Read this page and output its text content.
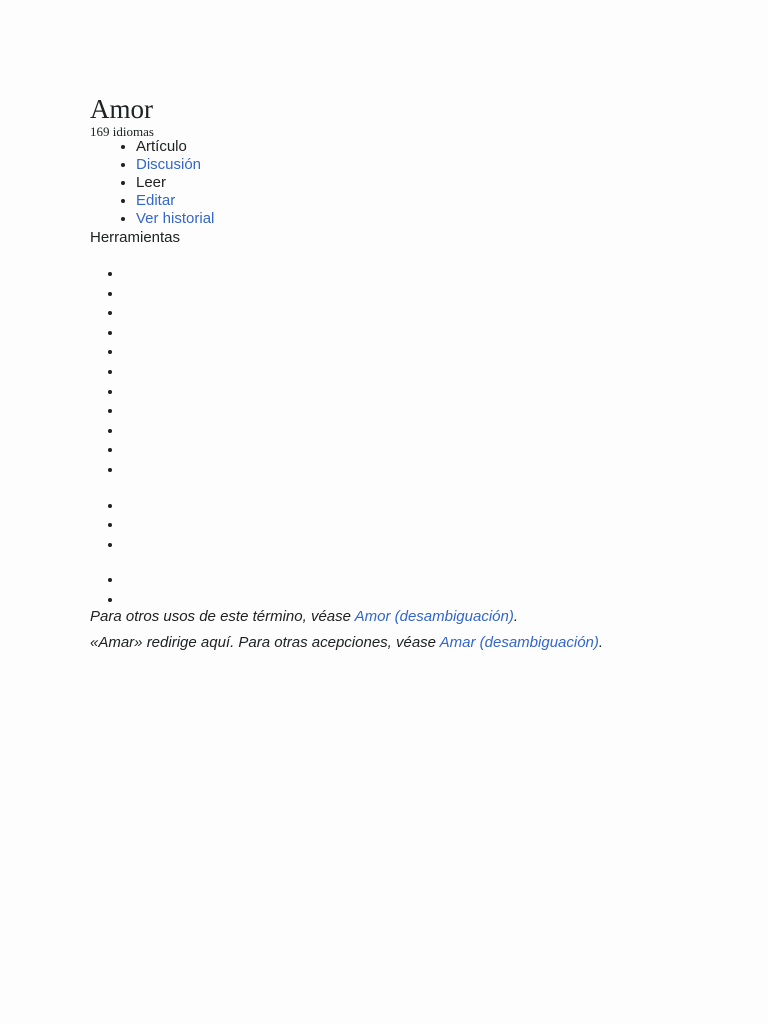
Amor
169 idiomas
• Artículo
• Discusión
• Leer
• Editar
• Ver historial
Herramientas
•
•
•
•
•
•
•
•
•
•
•
•
•
•
•
•

Para otros usos de este término, véase Amor (desambiguación).

«Amar» redirige aquí. Para otras acepciones, véase Amar (desambiguación).
